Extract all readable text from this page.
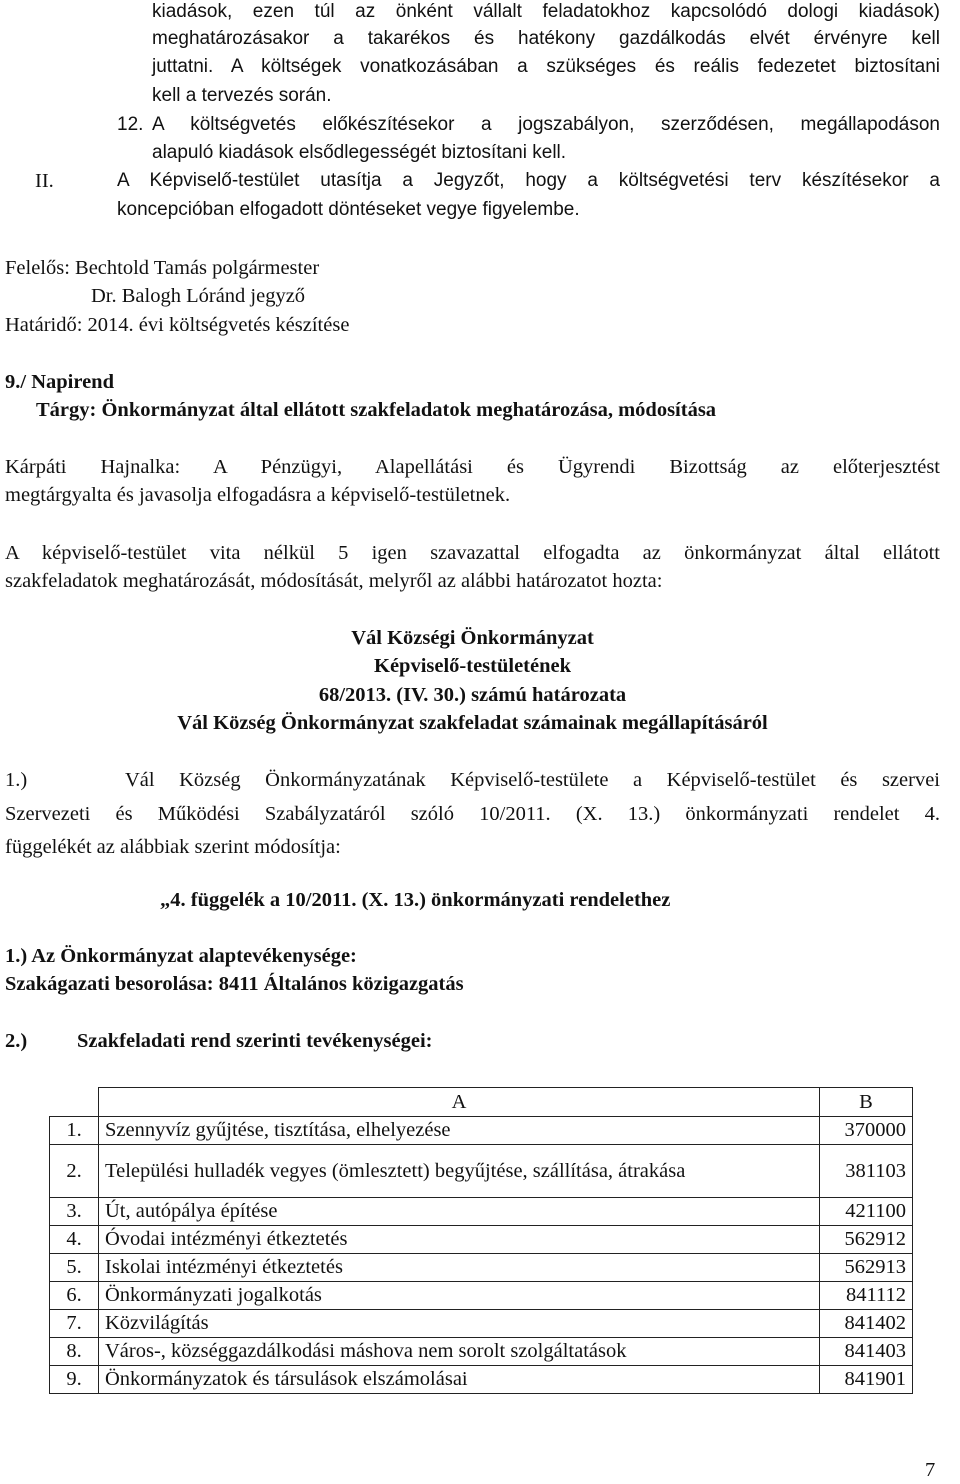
kiadások, ezen túl az önként vállalt feladatokhoz kapcsolódó dologi kiadások)
meghatározásakor a takarékos és hatékony gazdálkodás elvét érvényre kell
juttatni. A költségek vonatkozásában a szükséges és reális fedezetet biztosítani
kell a tervezés során.
12. A költségvetés előkészítésekor a jogszabályon, szerződésen, megállapodáson
alapuló kiadások elsődlegességét biztosítani kell.
II.	A Képviselő-testület utasítja a Jegyzőt, hogy a költségvetési terv készítésekor a
koncepcióban elfogadott döntéseket vegye figyelembe.
Felelős: Bechtold Tamás polgármester
Dr. Balogh Lóránd jegyző
Határidő: 2014. évi költségvetés készítése
9./ Napirend
Tárgy: Önkormányzat által ellátott szakfeladatok meghatározása, módosítása
Kárpáti Hajnalka: A Pénzügyi, Alapellátási és Ügyrendi Bizottság az előterjesztést
megtárgyalta és javasolja elfogadásra a képviselő-testületnek.
A képviselő-testület vita nélkül 5 igen szavazattal elfogadta az önkormányzat által ellátott
szakfeladatok meghatározását, módosítását, melyről az alábbi határozatot hozta:
Vál Községi Önkormányzat
Képviselő-testületének
68/2013. (IV. 30.) számú határozata
Vál Község Önkormányzat szakfeladat számainak megállapításáról
1.)    Vál Község Önkormányzatának Képviselő-testülete a Képviselő-testület és szervei
Szervezeti és Működési Szabályzatáról szóló 10/2011. (X. 13.) önkormányzati rendelet 4.
függelékét az alábbiak szerint módosítja:
„4. függelék a 10/2011. (X. 13.) önkormányzati rendelethez
1.) Az Önkormányzat alaptevékenysége:
Szakágazati besorolása: 8411 Általános közigazgatás
2.) Szakfeladati rend szerinti tevékenységei:
	A	B
1.	Szennyvíz gyűjtése, tisztítása, elhelyezése	370000
2.	Települési hulladék vegyes (ömlesztett) begyűjtése, szállítása, átrakása	381103
3.	Út, autópálya építése	421100
4.	Óvodai intézményi étkeztetés	562912
5.	Iskolai intézményi étkeztetés	562913
6.	Önkormányzati jogalkotás	841112
7.	Közvilágítás	841402
8.	Város-, községgazdálkodási máshova nem sorolt szolgáltatások	841403
9.	Önkormányzatok és társulások elszámolásai	841901
7
